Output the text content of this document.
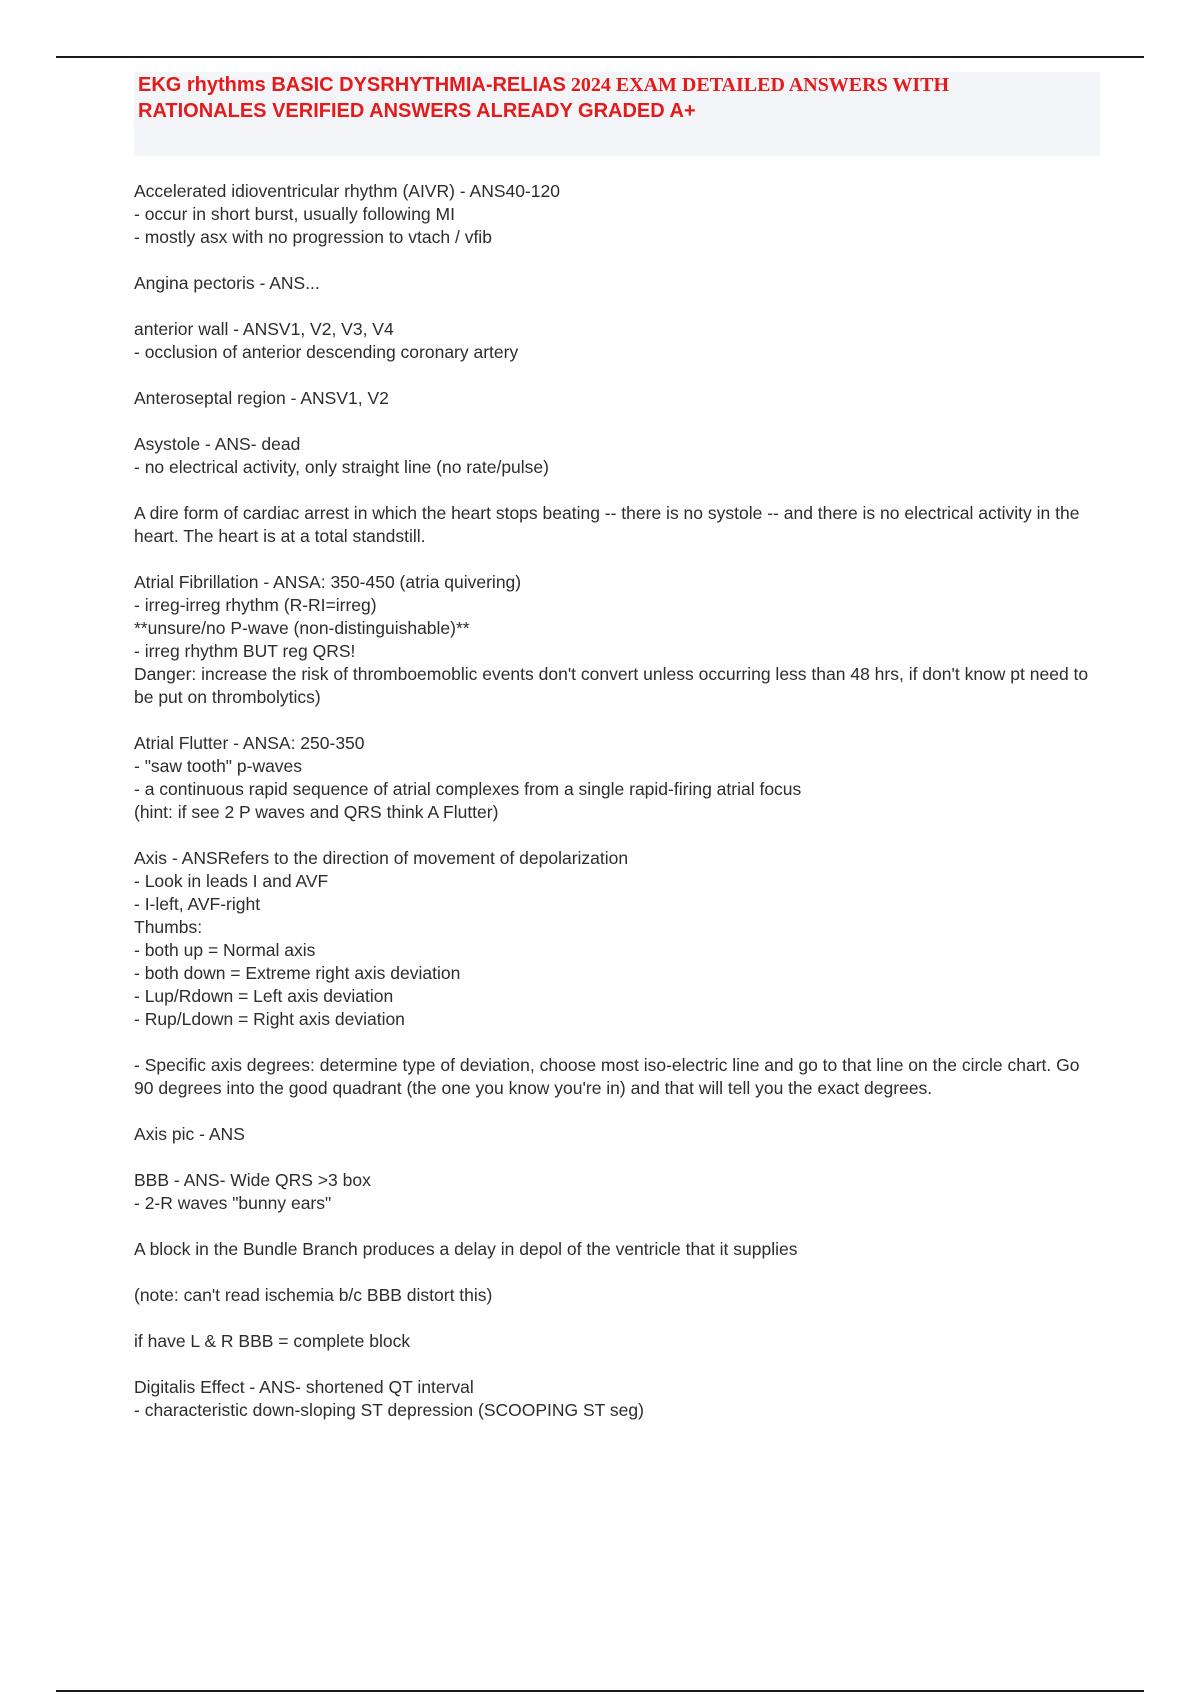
EKG rhythms BASIC DYSRHYTHMIA-RELIAS 2024 EXAM DETAILED ANSWERS WITH

RATIONALES VERIFIED ANSWERS ALREADY GRADED A+

Accelerated idioventricular rhythm (AIVR) - ANS40-120
- occur in short burst, usually following MI
- mostly asx with no progression to vtach / vfib
Angina pectoris - ANS...
anterior wall - ANSV1, V2, V3, V4
- occlusion of anterior descending coronary artery
Anteroseptal region - ANSV1, V2
Asystole - ANS- dead
- no electrical activity, only straight line (no rate/pulse)
A dire form of cardiac arrest in which the heart stops beating -- there is no systole -- and there is no electrical activity in the heart. The heart is at a total standstill.
Atrial Fibrillation - ANSA: 350-450 (atria quivering)
- irreg-irreg rhythm (R-RI=irreg)
**unsure/no P-wave (non-distinguishable)**
- irreg rhythm BUT reg QRS!
Danger: increase the risk of thromboemoblic events don't convert unless occurring less than 48 hrs, if don't know pt need to be put on thrombolytics)
Atrial Flutter - ANSA: 250-350
- "saw tooth" p-waves
- a continuous rapid sequence of atrial complexes from a single rapid-firing atrial focus
(hint: if see 2 P waves and QRS think A Flutter)
Axis - ANSRefers to the direction of movement of depolarization
- Look in leads I and AVF
- I-left, AVF-right
Thumbs:
- both up = Normal axis
- both down = Extreme right axis deviation
- Lup/Rdown = Left axis deviation
- Rup/Ldown = Right axis deviation
- Specific axis degrees: determine type of deviation, choose most iso-electric line and go to that line on the circle chart. Go 90 degrees into the good quadrant (the one you know you're in) and that will tell you the exact degrees.
Axis pic - ANS
BBB - ANS- Wide QRS >3 box
- 2-R waves "bunny ears"
A block in the Bundle Branch produces a delay in depol of the ventricle that it supplies
(note: can't read ischemia b/c BBB distort this)
if have L & R BBB = complete block
Digitalis Effect - ANS- shortened QT interval
- characteristic down-sloping ST depression (SCOOPING ST seg)
